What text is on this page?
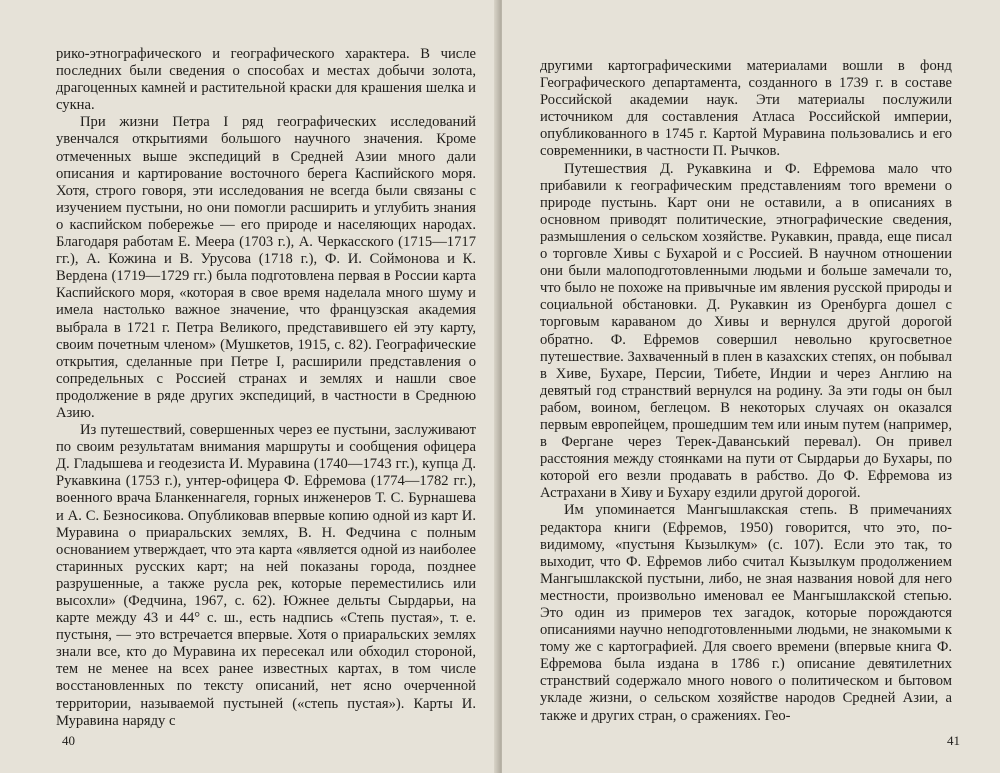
рико-этнографического и географического характера. В числе последних были сведения о способах и местах добычи золота, драгоценных камней и растительной краски для крашения шелка и сукна.

При жизни Петра I ряд географических исследований увенчался открытиями большого научного значения. Кроме отмеченных выше экспедиций в Средней Азии много дали описания и картирование восточного берега Каспийского моря. Хотя, строго говоря, эти исследования не всегда были связаны с изучением пустыни, но они помогли расширить и углубить знания о каспийском побережье — его природе и населяющих народах. Благодаря работам Е. Меера (1703 г.), А. Черкасского (1715—1717 гг.), А. Кожина и В. Урусова (1718 г.), Ф. И. Соймонова и К. Вердена (1719—1729 гг.) была подготовлена первая в России карта Каспийского моря, «которая в свое время наделала много шуму и имела настолько важное значение, что французская академия выбрала в 1721 г. Петра Великого, представившего ей эту карту, своим почетным членом» (Мушкетов, 1915, с. 82). Географические открытия, сделанные при Петре I, расширили представления о сопредельных с Россией странах и землях и нашли свое продолжение в ряде других экспедиций, в частности в Среднюю Азию.

Из путешествий, совершенных через ее пустыни, заслуживают по своим результатам внимания маршруты и сообщения офицера Д. Гладышева и геодезиста И. Муравина (1740—1743 гг.), купца Д. Рукавкина (1753 г.), унтер-офицера Ф. Ефремова (1774—1782 гг.), военного врача Бланкеннагеля, горных инженеров Т. С. Бурнашева и А. С. Безносикова. Опубликовав впервые копию одной из карт И. Муравина о приаральских землях, В. Н. Федчина с полным основанием утверждает, что эта карта «является одной из наиболее старинных русских карт; на ней показаны города, позднее разрушенные, а также русла рек, которые переместились или высохли» (Федчина, 1967, с. 62). Южнее дельты Сырдарьи, на карте между 43 и 44° с. ш., есть надпись «Степь пустая», т. е. пустыня, — это встречается впервые. Хотя о приаральских землях знали все, кто до Муравина их пересекал или обходил стороной, тем не менее на всех ранее известных картах, в том числе восстановленных по тексту описаний, нет ясно очерченной территории, называемой пустыней («степь пустая»). Карты И. Муравина наряду с

40

другими картографическими материалами вошли в фонд Географического департамента, созданного в 1739 г. в составе Российской академии наук. Эти материалы послужили источником для составления Атласа Российской империи, опубликованного в 1745 г. Картой Муравина пользовались и его современники, в частности П. Рычков.

Путешествия Д. Рукавкина и Ф. Ефремова мало что прибавили к географическим представлениям того времени о природе пустынь. Карт они не оставили, а в описаниях в основном приводят политические, этнографические сведения, размышления о сельском хозяйстве. Рукавкин, правда, еще писал о торговле Хивы с Бухарой и с Россией. В научном отношении они были малоподготовленными людьми и больше замечали то, что было не похоже на привычные им явления русской природы и социальной обстановки. Д. Рукавкин из Оренбурга дошел с торговым караваном до Хивы и вернулся другой дорогой обратно. Ф. Ефремов совершил невольно кругосветное путешествие. Захваченный в плен в казахских степях, он побывал в Хиве, Бухаре, Персии, Тибете, Индии и через Англию на девятый год странствий вернулся на родину. За эти годы он был рабом, воином, беглецом. В некоторых случаях он оказался первым европейцем, прошедшим тем или иным путем (например, в Фергане через Терек-Даванський перевал). Он привел расстояния между стоянками на пути от Сырдарьи до Бухары, по которой его везли продавать в рабство. До Ф. Ефремова из Астрахани в Хиву и Бухару ездили другой дорогой.

Им упоминается Мангышлакская степь. В примечаниях редактора книги (Ефремов, 1950) говорится, что это, по-видимому, «пустыня Кызылкум» (с. 107). Если это так, то выходит, что Ф. Ефремов либо считал Кызылкум продолжением Мангышлакской пустыни, либо, не зная названия новой для него местности, произвольно именовал ее Мангышлакской степью. Это один из примеров тех загадок, которые порождаются описаниями научно неподготовленными людьми, не знакомыми к тому же с картографией. Для своего времени (впервые книга Ф. Ефремова была издана в 1786 г.) описание девятилетних странствий содержало много нового о политическом и бытовом укладе жизни, о сельском хозяйстве народов Средней Азии, а также и других стран, о сражениях. Гео-

41
